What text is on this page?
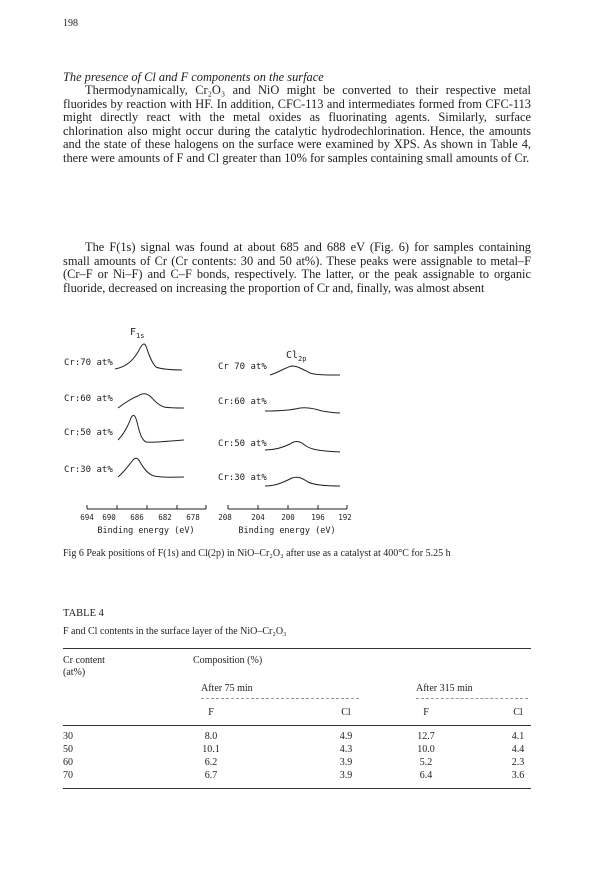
198
The presence of Cl and F components on the surface
Thermodynamically, Cr₂O₃ and NiO might be converted to their respective metal fluorides by reaction with HF. In addition, CFC-113 and intermediates formed from CFC-113 might directly react with the metal oxides as fluorinating agents. Similarly, surface chlorination also might occur during the catalytic hydrodechlorination. Hence, the amounts and the state of these halogens on the surface were examined by XPS. As shown in Table 4, there were amounts of F and Cl greater than 10% for samples containing small amounts of Cr.
The F(1s) signal was found at about 685 and 688 eV (Fig. 6) for samples containing small amounts of Cr (Cr contents: 30 and 50 at%). These peaks were assignable to metal–F (Cr–F or Ni–F) and C–F bonds, respectively. The latter, or the peak assignable to organic fluoride, decreased on increasing the proportion of Cr and, finally, was almost absent
$F_{1s}$
$Cl_{2p}$
Cr:70 at%
Cr:60 at%
Cr:50 at%
Cr:30 at%
Cr 70 at%
Cr:60 at%
Cr:50 at%
Cr:30 at%
694 690 686 682 678 208	204 200 196 192
Binding energy (eV)	Binding energy (eV)
Fig 6 Peak positions of F(1s) and Cl(2p) in NiO–Cr₂O₃ after use as a catalyst at 400°C for 5.25 h
TABLE 4
F and Cl contents in the surface layer of the NiO–Cr₂O₃
Cr content
(at%)
Composition (%)
After 75 min	After 315 min
F	Cl	F	Cl
30	8.0	4.9	12.7	4.1
50	10.1	4.3	10.0	4.4
60	6.2	3.9	5.2	2.3
70	6.7	3.9	6.4	3.6
